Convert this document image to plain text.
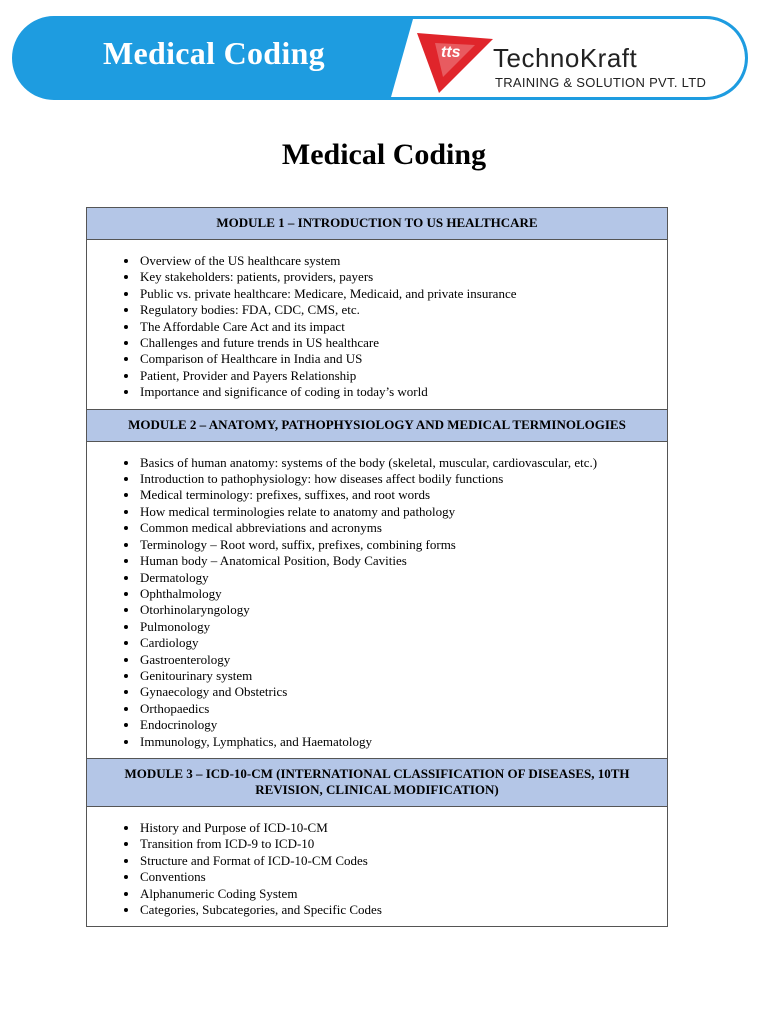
Medical Coding	tts TechnoKraft
TRAINING & SOLUTION PVT. LTD
Medical Coding
MODULE 1 – INTRODUCTION TO US HEALTHCARE

• Overview of the US healthcare system
• Key stakeholders: patients, providers, payers
• Public vs. private healthcare: Medicare, Medicaid, and private insurance
• Regulatory bodies: FDA, CDC, CMS, etc.
• The Affordable Care Act and its impact
• Challenges and future trends in US healthcare
• Comparison of Healthcare in India and US
• Patient, Provider and Payers Relationship
• Importance and significance of coding in today’s world

MODULE 2 – ANATOMY, PATHOPHYSIOLOGY AND MEDICAL TERMINOLOGIES

• Basics of human anatomy: systems of the body (skeletal, muscular, cardiovascular, etc.)
• Introduction to pathophysiology: how diseases affect bodily functions
• Medical terminology: prefixes, suffixes, and root words
• How medical terminologies relate to anatomy and pathology
• Common medical abbreviations and acronyms
• Terminology – Root word, suffix, prefixes, combining forms
• Human body – Anatomical Position, Body Cavities
• Dermatology
• Ophthalmology
• Otorhinolaryngology
• Pulmonology
• Cardiology
• Gastroenterology
• Genitourinary system
• Gynaecology and Obstetrics
• Orthopaedics
• Endocrinology
• Immunology, Lymphatics, and Haematology

MODULE 3 – ICD-10-CM (INTERNATIONAL CLASSIFICATION OF DISEASES, 10TH REVISION, CLINICAL MODIFICATION)

• History and Purpose of ICD-10-CM
• Transition from ICD-9 to ICD-10
• Structure and Format of ICD-10-CM Codes
• Conventions
• Alphanumeric Coding System
• Categories, Subcategories, and Specific Codes
